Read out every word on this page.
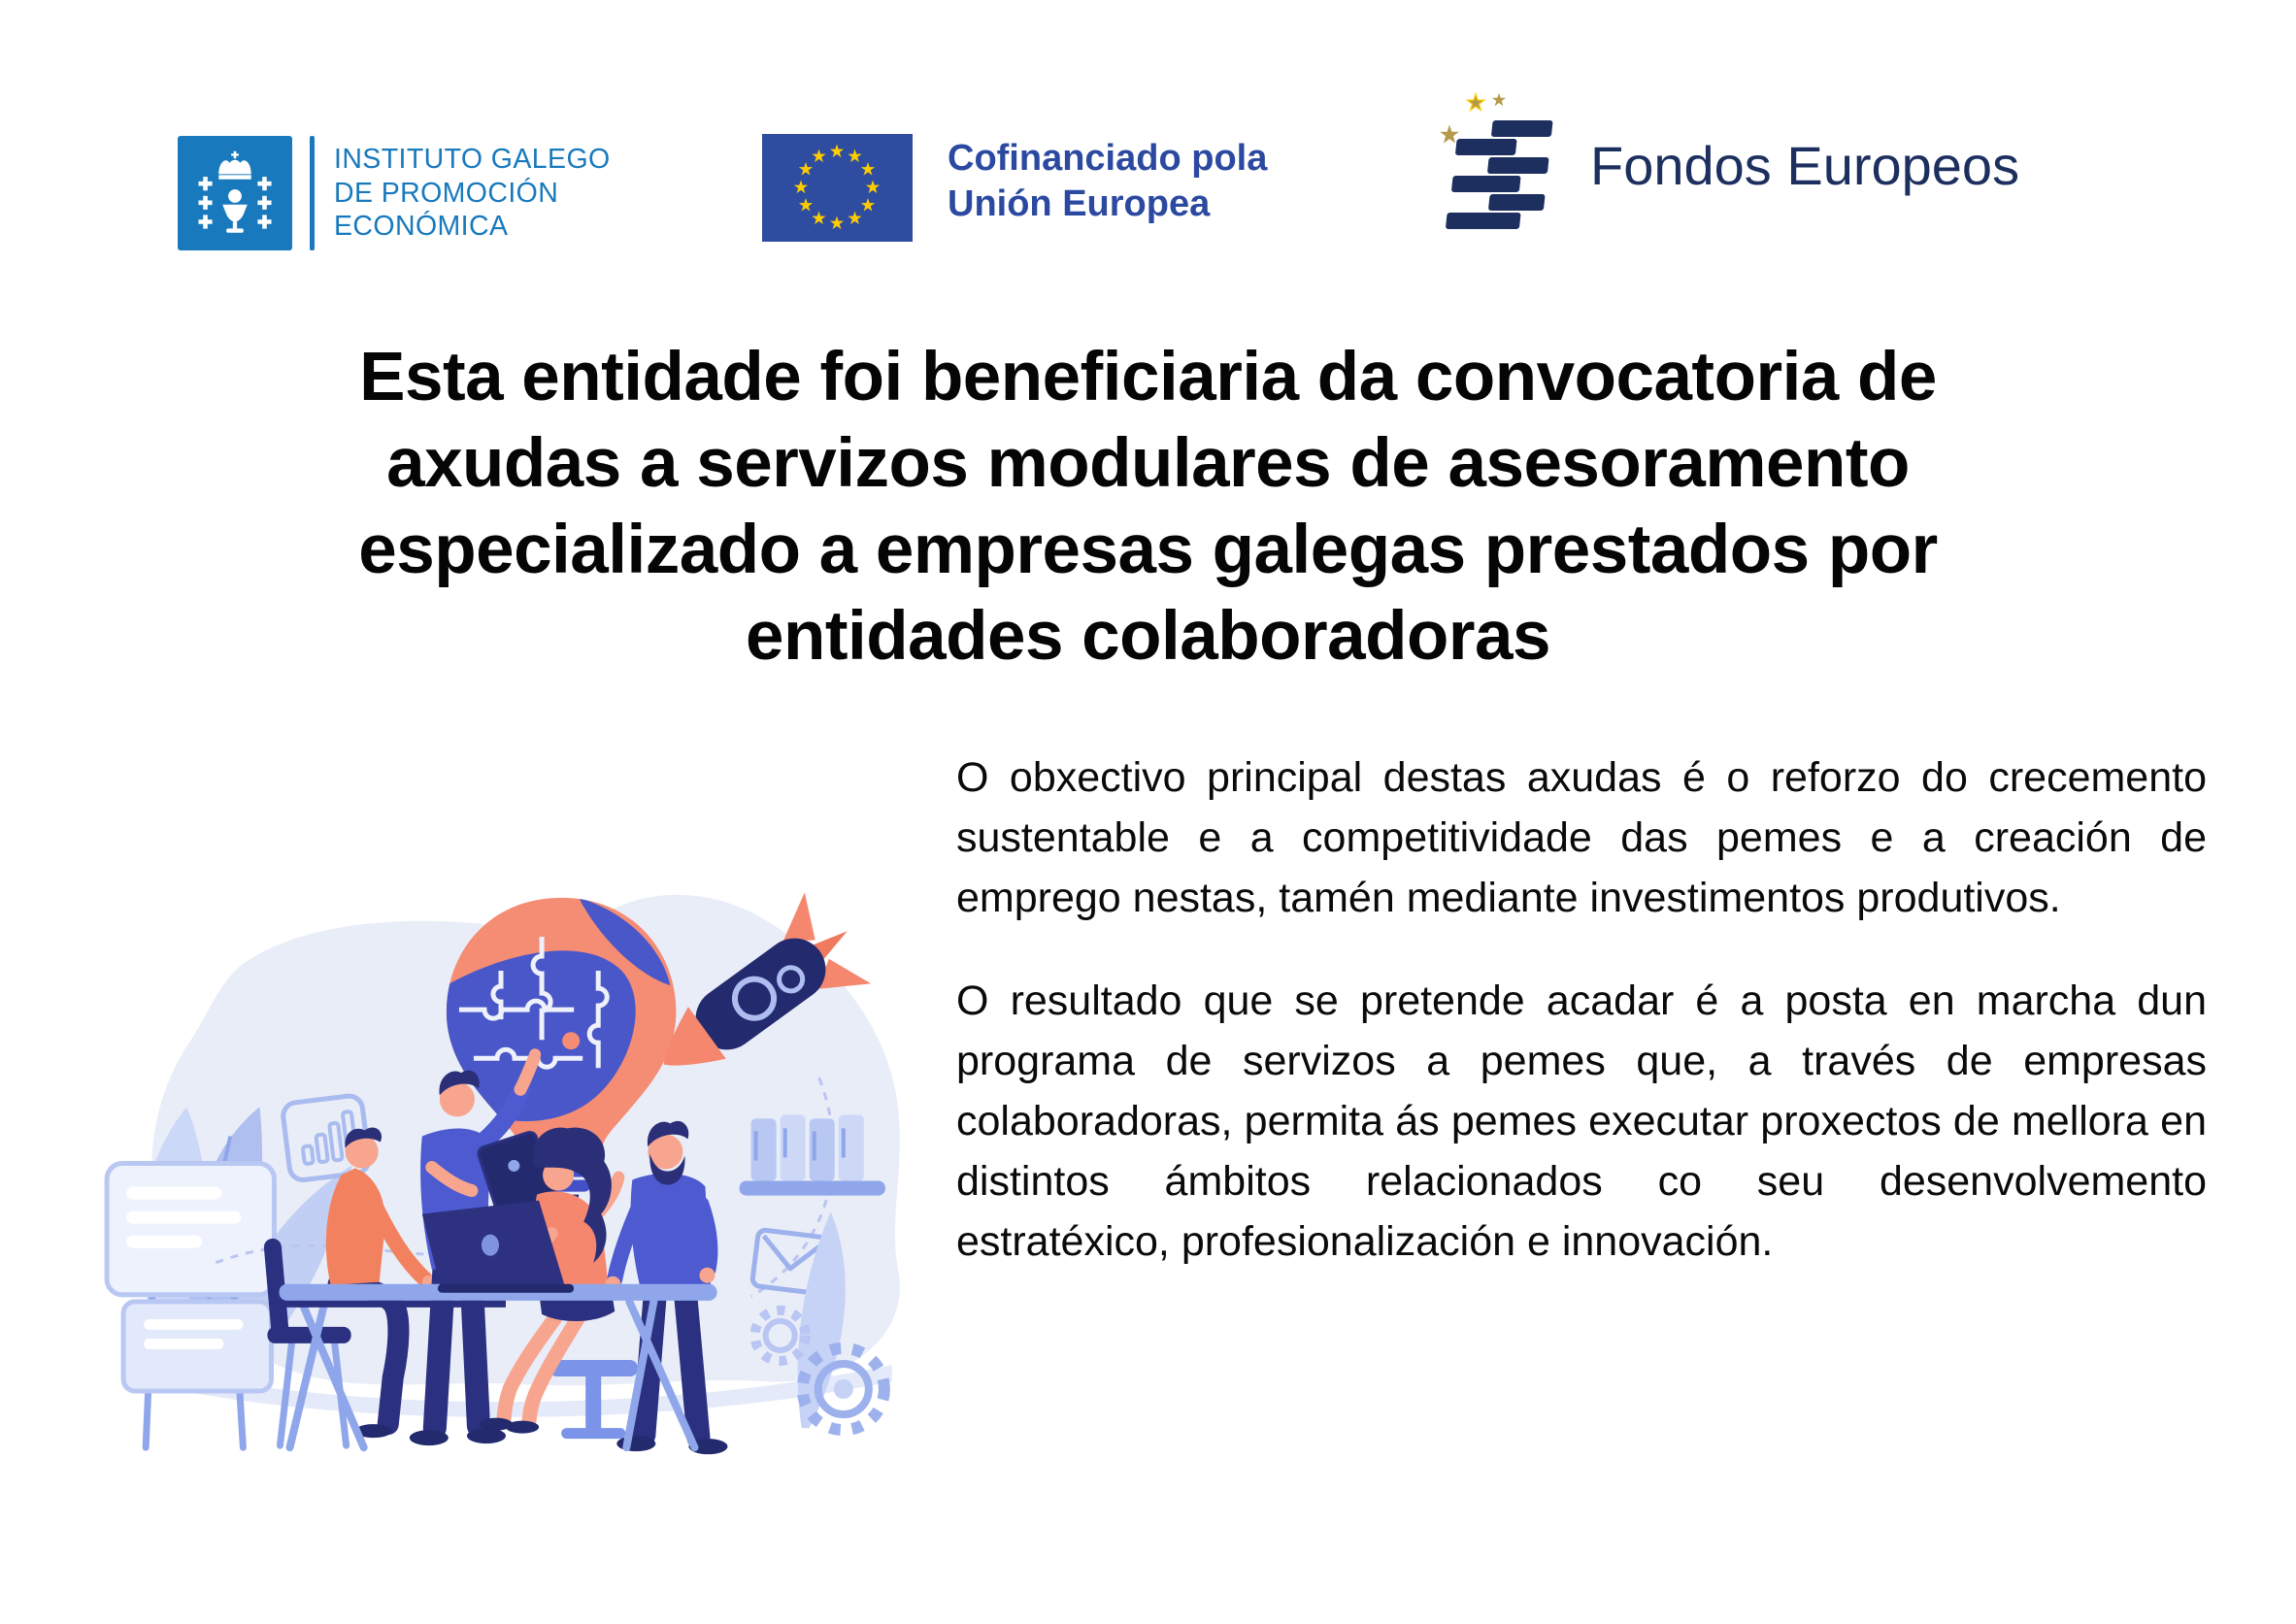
INSTITUTO GALEGO
DE PROMOCIÓN
ECONÓMICA
Cofinanciado pola
Unión Europea
Fondos Europeos
Esta entidade foi beneficiaria da convocatoria de
axudas a servizos modulares de asesoramento
especializado a empresas galegas prestados por
entidades colaboradoras

O obxectivo principal destas axudas é o reforzo do crecemento sustentable e a competitividade das pemes e a creación de emprego nestas, tamén mediante investimentos produtivos.

O resultado que se pretende acadar é a posta en marcha dun programa de servizos a pemes que, a través de empresas colaboradoras, permita ás pemes executar proxectos de mellora en distintos ámbitos relacionados co seu desenvolvemento estratéxico, profesionalización e innovación.
